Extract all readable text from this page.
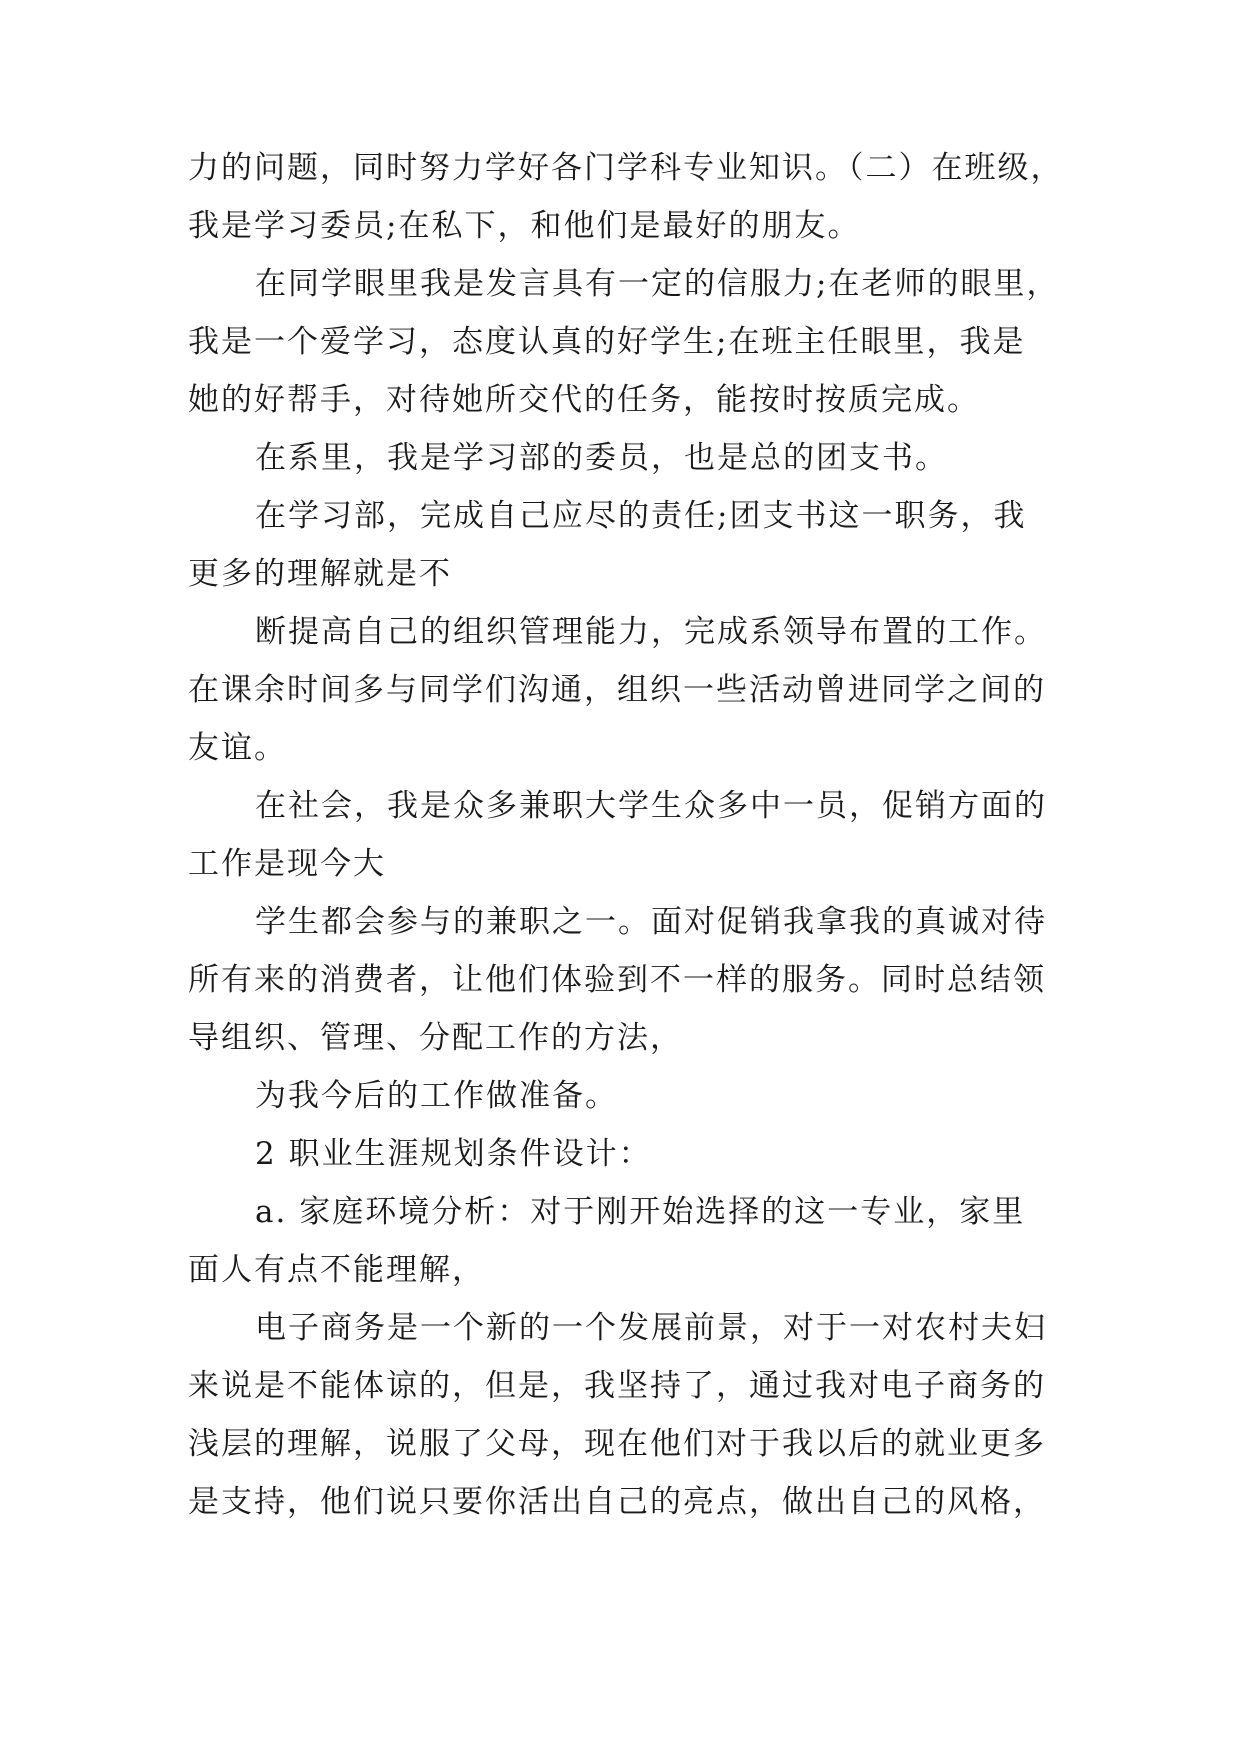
力的问题，同时努力学好各门学科专业知识。（二）在班级，
我是学习委员;在私下，和他们是最好的朋友。
在同学眼里我是发言具有一定的信服力;在老师的眼里，
我是一个爱学习，态度认真的好学生;在班主任眼里，我是
她的好帮手，对待她所交代的任务，能按时按质完成。
在系里，我是学习部的委员，也是总的团支书。
在学习部，完成自己应尽的责任;团支书这一职务，我
更多的理解就是不
断提高自己的组织管理能力，完成系领导布置的工作。
在课余时间多与同学们沟通，组织一些活动曾进同学之间的
友谊。
在社会，我是众多兼职大学生众多中一员，促销方面的
工作是现今大
学生都会参与的兼职之一。面对促销我拿我的真诚对待
所有来的消费者，让他们体验到不一样的服务。同时总结领
导组织、管理、分配工作的方法，
为我今后的工作做准备。
2 职业生涯规划条件设计：
a. 家庭环境分析：对于刚开始选择的这一专业，家里
面人有点不能理解，
电子商务是一个新的一个发展前景，对于一对农村夫妇
来说是不能体谅的，但是，我坚持了，通过我对电子商务的
浅层的理解，说服了父母，现在他们对于我以后的就业更多
是支持，他们说只要你活出自己的亮点，做出自己的风格，
